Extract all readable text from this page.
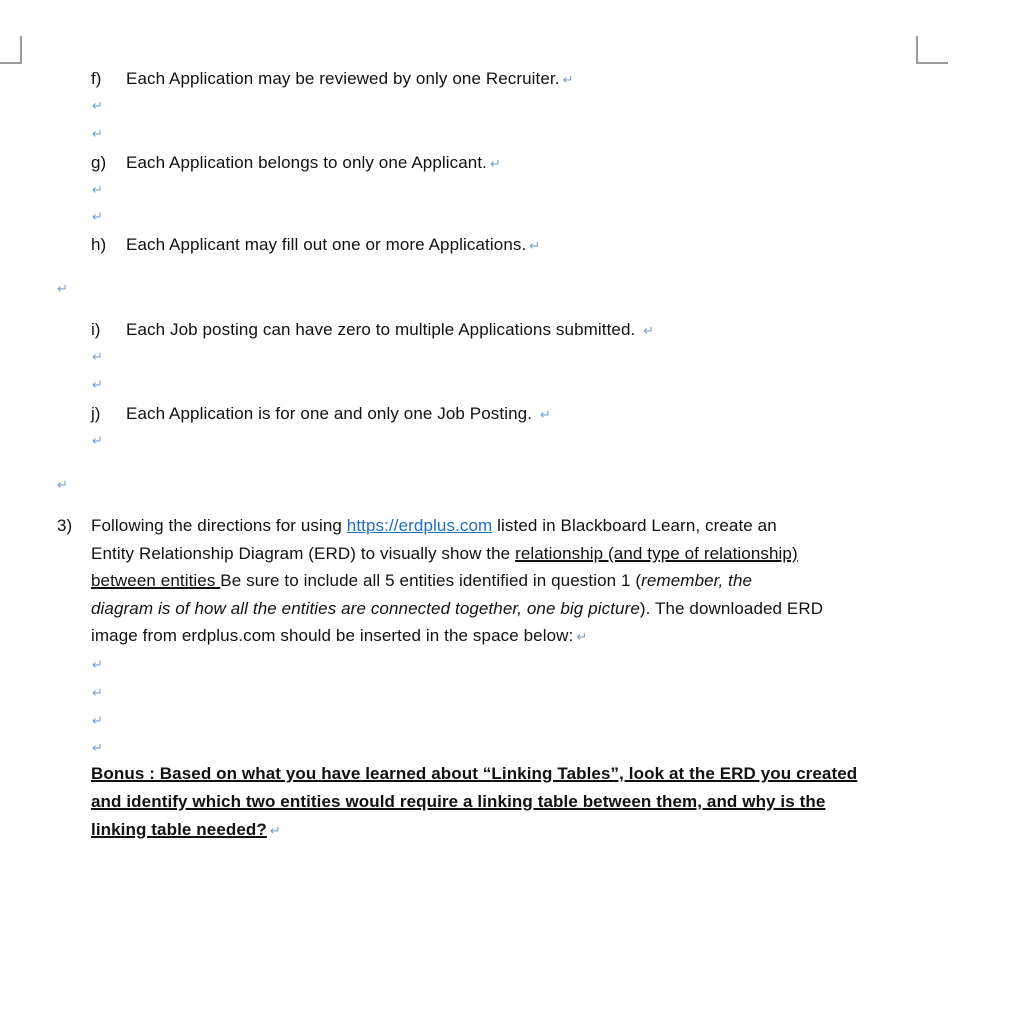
f) Each Application may be reviewed by only one Recruiter. ↵
↵
↵
g) Each Application belongs to only one Applicant. ↵
↵
↵
h) Each Applicant may fill out one or more Applications. ↵
↵
i) Each Job posting can have zero to multiple Applications submitted. ↵
↵
↵
j) Each Application is for one and only one Job Posting. ↵
↵
↵
3) Following the directions for using https://erdplus.com listed in Blackboard Learn, create an
Entity Relationship Diagram (ERD) to visually show the relationship (and type of relationship)
between entities Be sure to include all 5 entities identified in question 1 (remember, the
diagram is of how all the entities are connected together, one big picture). The downloaded ERD
image from erdplus.com should be inserted in the space below: ↵
↵
↵
↵
↵
Bonus : Based on what you have learned about “Linking Tables”, look at the ERD you created
and identify which two entities would require a linking table between them, and why is the
linking table needed? ↵
